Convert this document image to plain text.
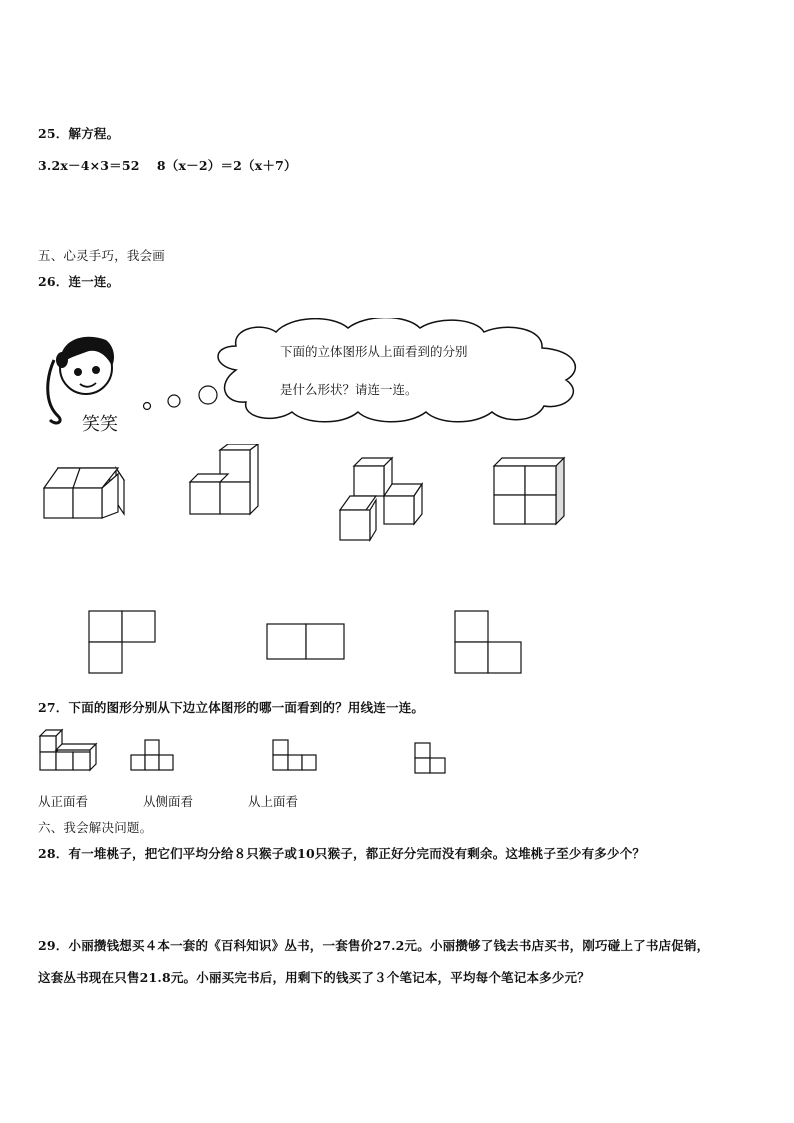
25．解方程。
3.2x－4×3＝52　 8（x－2）＝2（x＋7）
五、心灵手巧，我会画
26．连一连。
下面的立体图形从上面看到的分别
是什么形状？请连一连。
笑笑
27．下面的图形分别从下边立体图形的哪一面看到的？用线连一连。
从正面看	从侧面看	从上面看
六、我会解决问题。
28．有一堆桃子，把它们平均分给８只猴子或10只猴子，都正好分完而没有剩余。这堆桃子至少有多少个？
29．小丽攒钱想买４本一套的《百科知识》丛书，一套售价27.2元。小丽攒够了钱去书店买书，刚巧碰上了书店促销，
这套丛书现在只售21.8元。小丽买完书后，用剩下的钱买了３个笔记本，平均每个笔记本多少元？
